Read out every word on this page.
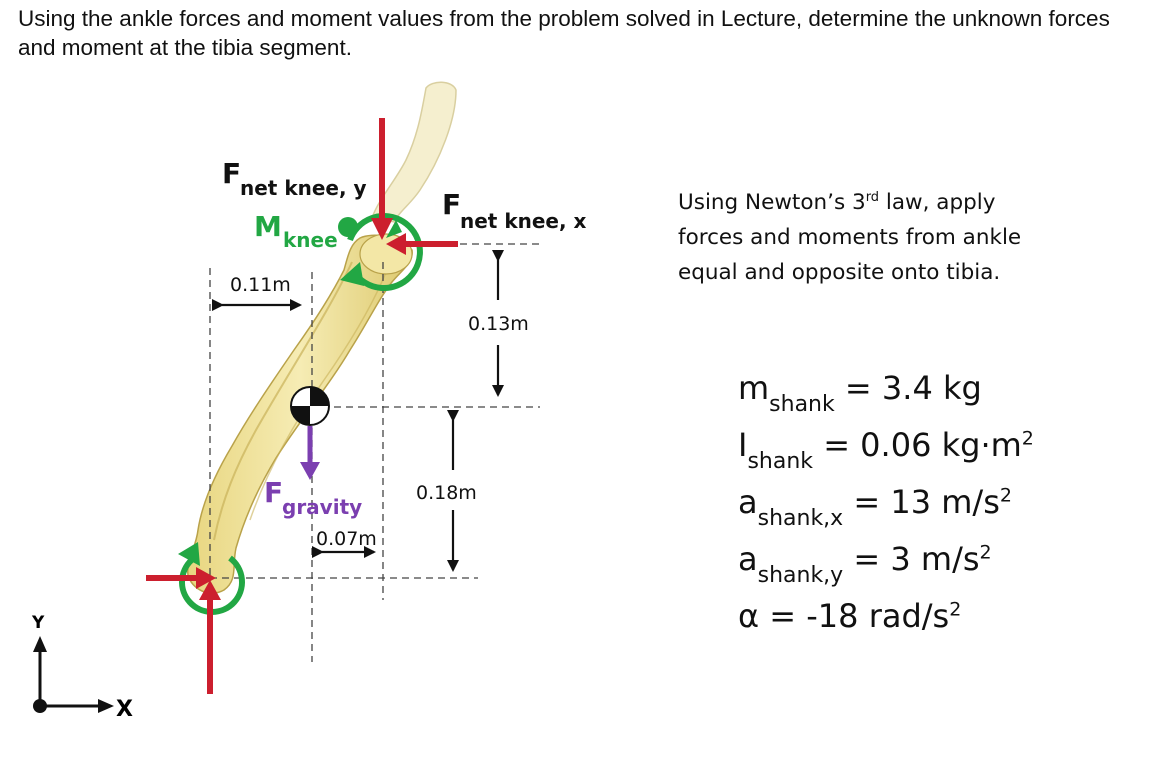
Using the ankle forces and moment values from the problem solved in Lecture, determine the unknown forces and moment at the tibia segment.
0.11m
0.13m
0.18m
0.07m
F
net knee, y
M knee
F
net knee, x
F
gravity
Y
X
Using Newton’s 3rd law, apply
forces and moments from ankle
equal and opposite onto tibia.
$m_{shank} = 3.4$ kg
$I_{shank} = 0.06$ $kg\cdot m^2$
$a_{shank,x} = 13$ $m/s^2$
$a_{shank,y} = 3$ $m/s^2$
α = -18 rad/$s^2$
